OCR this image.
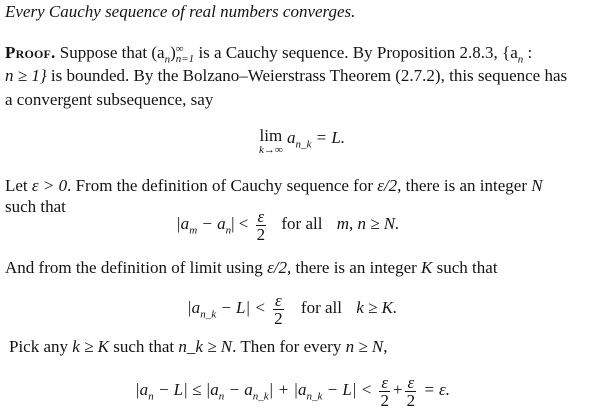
Every Cauchy sequence of real numbers converges.
Proof. Suppose that $(a_n)$ ∞
n=1 is a Cauchy sequence. By Proposition 2.8.3, {$a_n$ :
n ≥ 1} is bounded. By the Bolzano–Weierstrass Theorem (2.7.2), this sequence has
a convergent subsequence, say
lim
k→∞
$a_{n\_k} = L$.
Let ε > 0. From the definition of Cauchy sequence for ε/2, there is an integer N
such that
$|a_m - a_n| < \frac{\varepsilon}{2}$ for all m, n ≥ N.
And from the definition of limit using ε/2, there is an integer K such that
$|a_{n\_k} - L| < \frac{\varepsilon}{2}$ for all k ≥ K.
Pick any k ≥ K such that n_k ≥ N. Then for every n ≥ N,
$|a_n - L| \le |a_n - a_{n\_k}| + |a_{n\_k} - L| < \frac{\varepsilon}{2} + \frac{\varepsilon}{2} = \varepsilon$.
